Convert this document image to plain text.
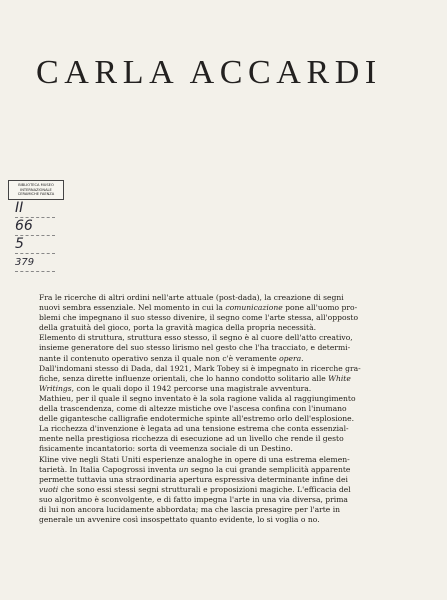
CARLA ACCARDI
BIBLIOTECA MUSEO
INTERNAZIONALE
CERAMICHE FAENZA
II
66
5
379

Fra le ricerche di altri ordini nell'arte attuale (post-dada), la creazione di segni
nuovi sembra essenziale. Nel momento in cui la comunicazione pone all'uomo pro-
blemi che impegnano il suo stesso divenire, il segno come l'arte stessa, all'opposto
della gratuità del gioco, porta la gravità magica della propria necessità.

Elemento di struttura, struttura esso stesso, il segno è al cuore dell'atto creativo,
insieme generatore del suo stesso lirismo nel gesto che l'ha tracciato, e determi-
nante il contenuto operativo senza il quale non c'è veramente opera.

Dall'indomani stesso di Dada, dal 1921, Mark Tobey si è impegnato in ricerche gra-
fiche, senza dirette influenze orientali, che lo hanno condotto solitario alle White
Writings, con le quali dopo il 1942 percorse una magistrale avventura.

Mathieu, per il quale il segno inventato è la sola ragione valida al raggiungimento
della trascendenza, come di altezze mistiche ove l'ascesa confina con l'inumano
delle gigantesche calligrafie endotermiche spinte all'estremo orlo dell'esplosione.

La ricchezza d'invenzione è legata ad una tensione estrema che conta essenzial-
mente nella prestigiosa ricchezza di esecuzione ad un livello che rende il gesto
fisicamente incantatorio: sorta di veemenza sociale di un Destino.

Kline vive negli Stati Uniti esperienze analoghe in opere di una estrema elemen-
tarietà. In Italia Capogrossi inventa un segno la cui grande semplicità apparente
permette tuttavia una straordinaria apertura espressiva determinante infine dei
vuoti che sono essi stessi segni strutturali e proposizioni magiche. L'efficacia del
suo algoritmo è sconvolgente, e di fatto impegna l'arte in una via diversa, prima
di lui non ancora lucidamente abbordata; ma che lascia presagire per l'arte in
generale un avvenire così insospettato quanto evidente, lo si voglia o no.
